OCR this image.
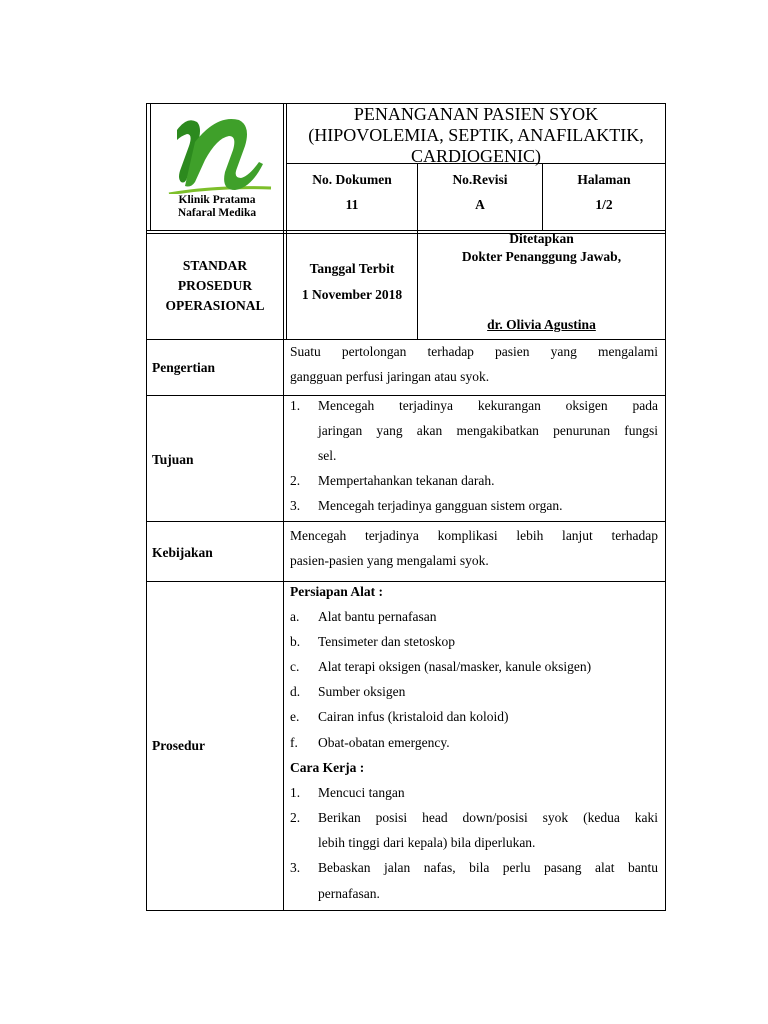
Klinik Pratama
Nafaral Medika
PENANGANAN PASIEN SYOK
(HIPOVOLEMIA, SEPTIK, ANAFILAKTIK,
CARDIOGENIC)
No. Dokumen
11
No.Revisi
A
Halaman
1/2
STANDAR
PROSEDUR
OPERASIONAL
Tanggal Terbit
1 November 2018
Ditetapkan
Dokter Penanggung Jawab,
dr. Olivia Agustina
Pengertian
Suatu pertolongan terhadap pasien yang mengalami
gangguan perfusi jaringan atau syok.
Tujuan
1. Mencegah terjadinya kekurangan oksigen pada
jaringan yang akan mengakibatkan penurunan fungsi
sel.
2. Mempertahankan tekanan darah.
3. Mencegah terjadinya gangguan sistem organ.
Kebijakan
Mencegah terjadinya komplikasi lebih lanjut terhadap
pasien-pasien yang mengalami syok.
Prosedur
Persiapan Alat :
a. Alat bantu pernafasan
b. Tensimeter dan stetoskop
c. Alat terapi oksigen (nasal/masker, kanule oksigen)
d. Sumber oksigen
e. Cairan infus (kristaloid dan koloid)
f. Obat-obatan emergency.
Cara Kerja :
1. Mencuci tangan
2. Berikan posisi head down/posisi syok (kedua kaki
lebih tinggi dari kepala) bila diperlukan.
3. Bebaskan jalan nafas, bila perlu pasang alat bantu
pernafasan.
